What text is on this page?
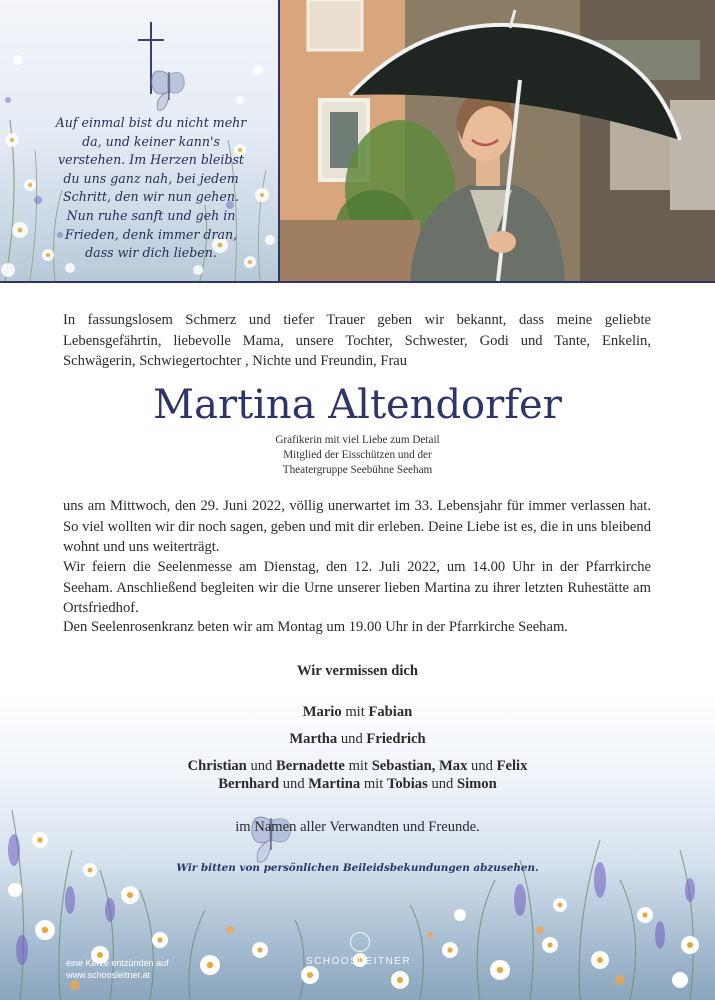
Auf einmal bist du nicht mehr
da, und keiner kann's
verstehen. Im Herzen bleibst
du uns ganz nah, bei jedem
Schritt, den wir nun gehen.
Nun ruhe sanft und geh in
Frieden, denk immer dran,
dass wir dich lieben.

In fassungslosem Schmerz und tiefer Trauer geben wir bekannt, dass meine geliebte Lebensgefährtin, liebevolle Mama, unsere Tochter, Schwester, Godi und Tante, Enkelin, Schwägerin, Schwiegertochter , Nichte und Freundin, Frau

Martina Altendorfer
Grafikerin mit viel Liebe zum Detail
Mitglied der Eisschützen und der
Theatergruppe Seebühne Seeham

uns am Mittwoch, den 29. Juni 2022, völlig unerwartet im 33. Lebensjahr für immer verlassen hat. So viel wollten wir dir noch sagen, geben und mit dir erleben. Deine Liebe ist es, die in uns bleibend wohnt und uns weiterträgt.

Wir feiern die Seelenmesse am Dienstag, den 12. Juli 2022, um 14.00 Uhr in der Pfarrkirche Seeham. Anschließend begleiten wir die Urne unserer lieben Martina zu ihrer letzten Ruhestätte am Ortsfriedhof.

Den Seelenrosenkranz beten wir am Montag um 19.00 Uhr in der Pfarrkirche Seeham.

Wir vermissen dich
Mario mit Fabian
Martha und Friedrich
Christian und Bernadette mit Sebastian, Max und Felix
Bernhard und Martina mit Tobias und Simon
im Namen aller Verwandten und Freunde.
Wir bitten von persönlichen Beileidsbekundungen abzusehen.
eine Kerze entzünden auf
www.schoosleitner.at
SCHOOSLEITNER
